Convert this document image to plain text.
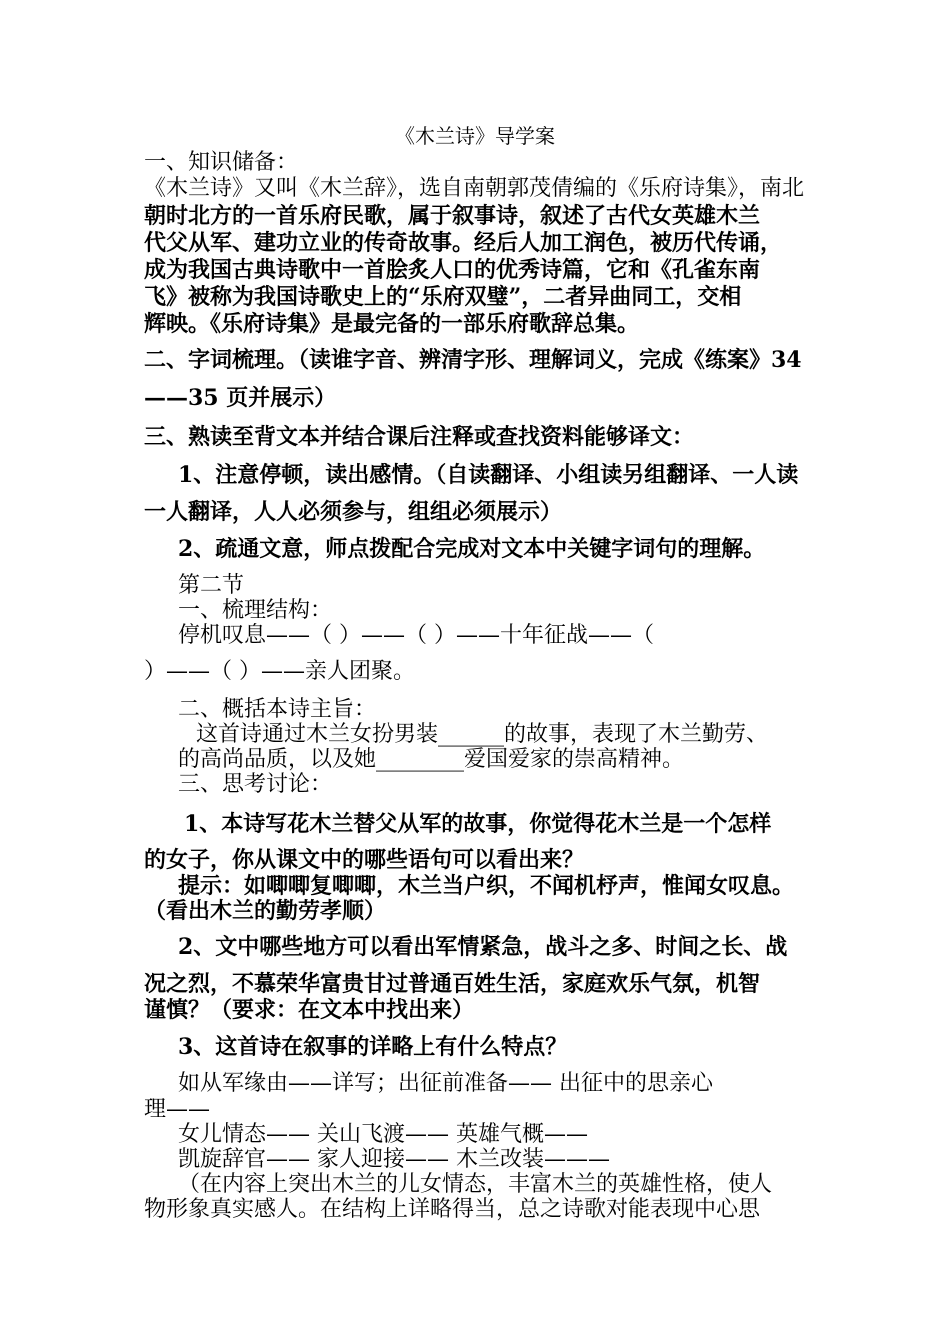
《木兰诗》导学案
一、知识储备：
《木兰诗》又叫《木兰辞》，选自南朝郭茂倩编的《乐府诗集》，南北
朝时北方的一首乐府民歌，属于叙事诗，叙述了古代女英雄木兰
代父从军、建功立业的传奇故事。经后人加工润色，被历代传诵，
成为我国古典诗歌中一首脍炙人口的优秀诗篇，它和《孔雀东南
飞》被称为我国诗歌史上的“乐府双璧”，二者异曲同工，交相
辉映。《乐府诗集》是最完备的一部乐府歌辞总集。
二、字词梳理。（读谁字音、辨清字形、理解词义，完成《练案》34
——35 页并展示）
三、熟读至背文本并结合课后注释或查找资料能够译文：
1、注意停顿，读出感情。（自读翻译、小组读另组翻译、一人读
一人翻译，人人必须参与，组组必须展示）
2、疏通文意，师点拨配合完成对文本中关键字词句的理解。
第二节
一、梳理结构：
停机叹息——（ ）——（ ）——十年征战——（
）——（ ）——亲人团聚。
二、概括本诗主旨：
这首诗通过木兰女扮男装______的故事，表现了木兰勤劳、
的高尚品质，以及她________爱国爱家的崇高精神。
三、思考讨论：
1、本诗写花木兰替父从军的故事，你觉得花木兰是一个怎样
的女子，你从课文中的哪些语句可以看出来？
提示：如唧唧复唧唧，木兰当户织，不闻机杼声，惟闻女叹息。
（看出木兰的勤劳孝顺）
2、文中哪些地方可以看出军情紧急，战斗之多、时间之长、战
况之烈，不慕荣华富贵甘过普通百姓生活，家庭欢乐气氛，机智
谨慎？（要求：在文本中找出来）
3、这首诗在叙事的详略上有什么特点？
如从军缘由——详写；出征前准备—— 出征中的思亲心
理——
女儿情态—— 关山飞渡—— 英雄气概——
凯旋辞官—— 家人迎接—— 木兰改装———
（在内容上突出木兰的儿女情态，丰富木兰的英雄性格，使人
物形象真实感人。在结构上详略得当，总之诗歌对能表现中心思
